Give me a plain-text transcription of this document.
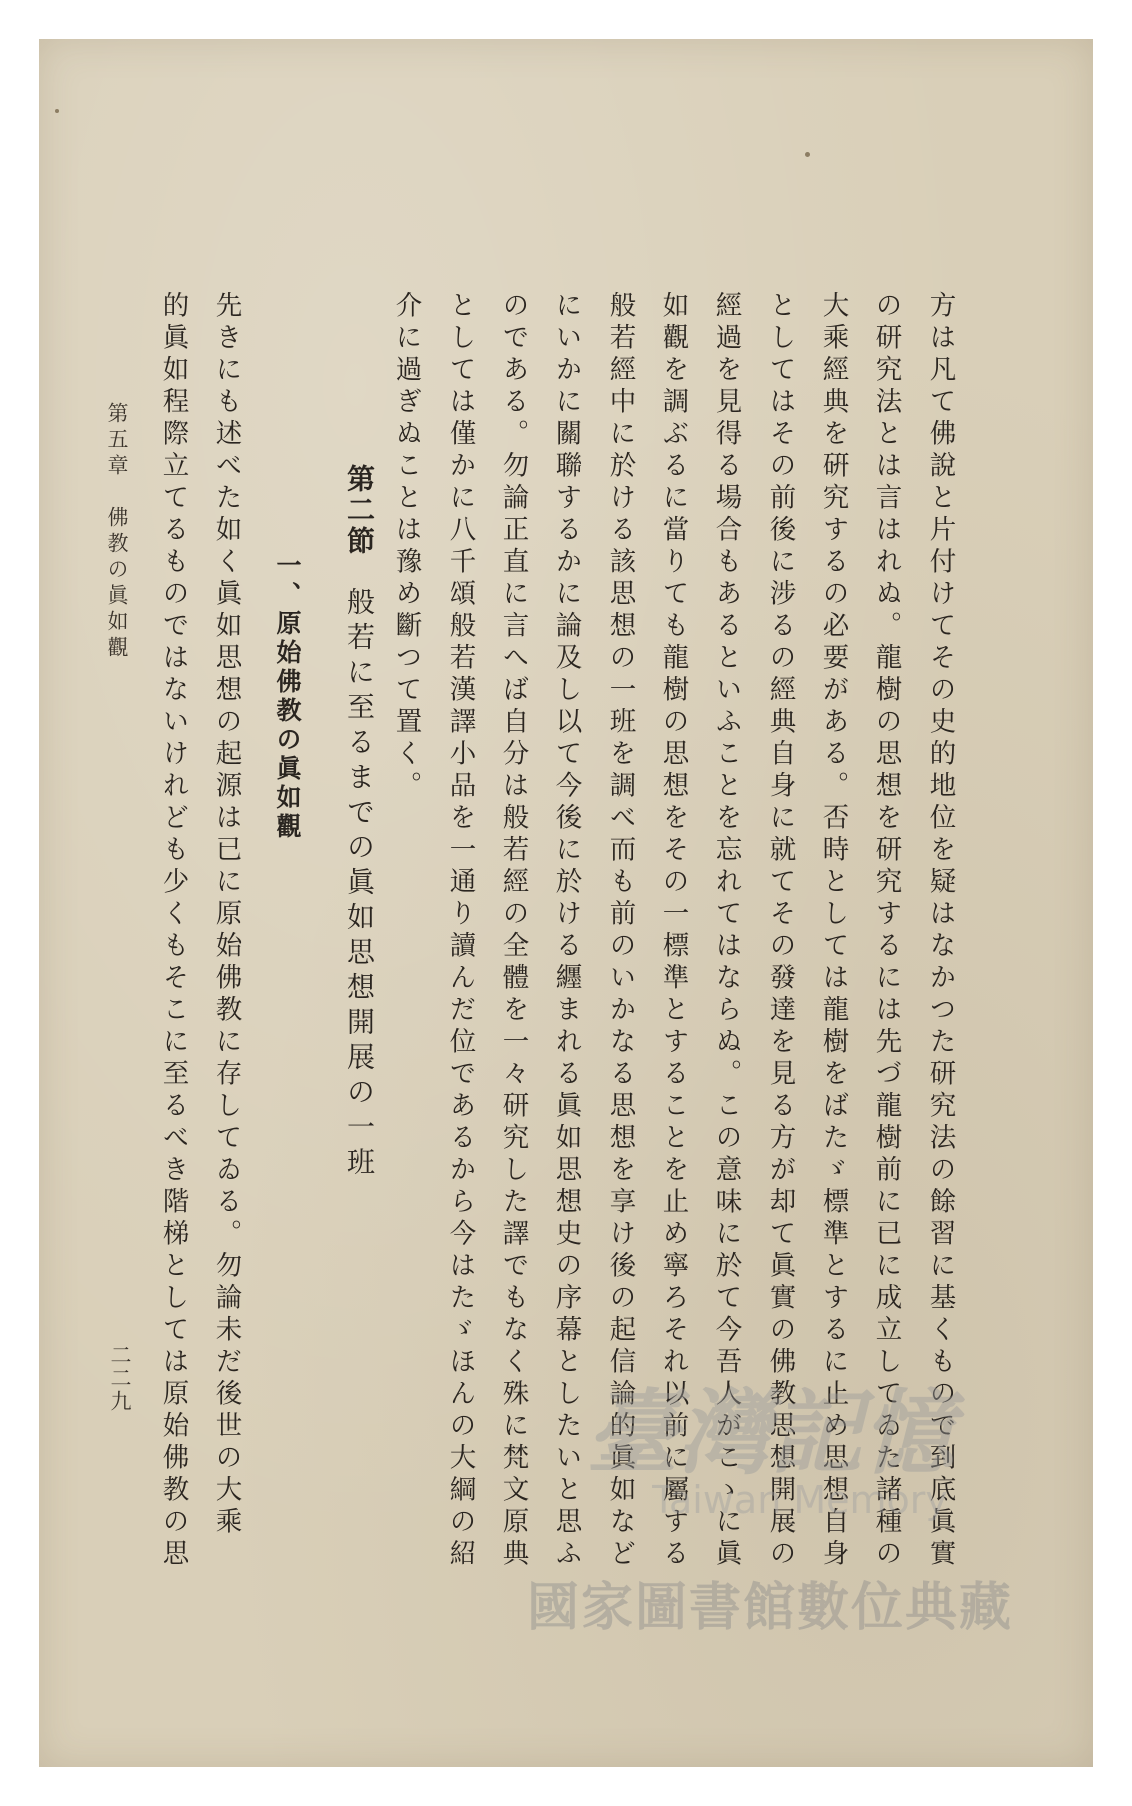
方は凡て佛說と片付けてその史的地位を疑はなかつた研究法の餘習に基くもので到底眞實
の研究法とは言はれぬ。龍樹の思想を研究するには先づ龍樹前に已に成立してゐた諸種の
大乘經典を硏究するの必要がある。否時としては龍樹をばたゞ標準とするに止め思想自身
としてはその前後に涉るの經典自身に就てその發達を見る方が却て眞實の佛教思想開展の
經過を見得る場合もあるといふことを忘れてはならぬ。この意味に於て今吾人がこゝに眞
如觀を調ぶるに當りても龍樹の思想をその一標準とすることを止め寧ろそれ以前に屬する
般若經中に於ける該思想の一班を調べ而も前のいかなる思想を享け後の起信論的眞如など
にいかに關聯するかに論及し以て今後に於ける纒まれる眞如思想史の序幕としたいと思ふ
のである。勿論正直に言へば自分は般若經の全體を一々研究した譯でもなく殊に梵文原典
としては僅かに八千頌般若漢譯小品を一通り讀んだ位であるから今はたゞほんの大綱の紹
介に過ぎぬことは豫め斷つて置く。
第二節般若に至るまでの眞如思想開展の一班
一、原始佛教の眞如觀
先きにも述べた如く眞如思想の起源は已に原始佛教に存してゐる。勿論未だ後世の大乘
的眞如程際立てるものではないけれども少くもそこに至るべき階梯としては原始佛教の思
第五章　佛教の眞如觀
二二九
臺灣記憶
Taiwan Memory
國家圖書館數位典藏
